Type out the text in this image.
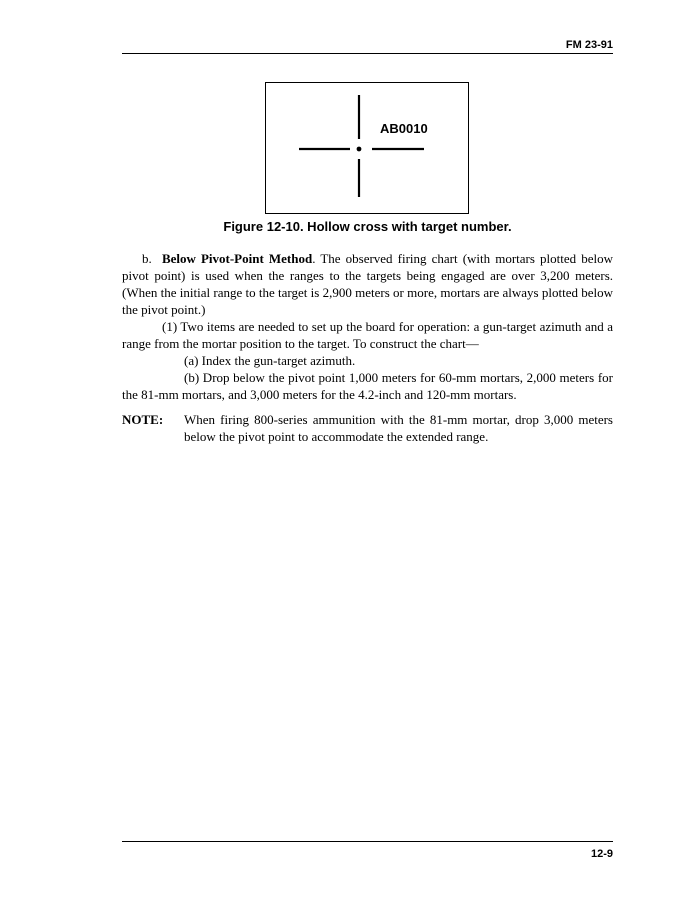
FM 23-91
AB0010
Figure 12-10. Hollow cross with target number.

b. Below Pivot-Point Method. The observed firing chart (with mortars plotted below pivot point) is used when the ranges to the targets being engaged are over 3,200 meters. (When the initial range to the target is 2,900 meters or more, mortars are always plotted below the pivot point.)

(1) Two items are needed to set up the board for operation: a gun-target azimuth and a range from the mortar position to the target. To construct the chart—

(a) Index the gun-target azimuth.

(b) Drop below the pivot point 1,000 meters for 60-mm mortars, 2,000 meters for the 81-mm mortars, and 3,000 meters for the 4.2-inch and 120-mm mortars.

NOTE:	When firing 800-series ammunition with the 81-mm mortar, drop 3,000 meters below the pivot point to accommodate the extended range.
12-9
